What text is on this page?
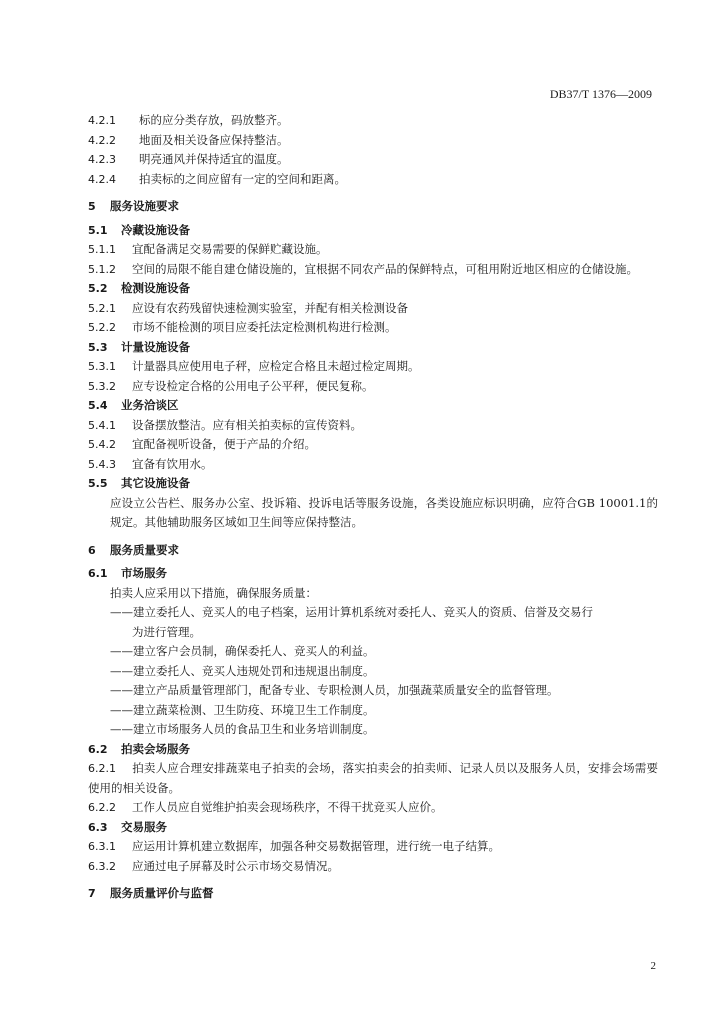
DB37/T 1376—2009

4.2.1 标的应分类存放，码放整齐。

4.2.2 地面及相关设备应保持整洁。

4.2.3 明亮通风并保持适宜的温度。

4.2.4 拍卖标的之间应留有一定的空间和距离。

5 服务设施要求

5.1 冷藏设施设备

5.1.1 宜配备满足交易需要的保鲜贮藏设施。

5.1.2 空间的局限不能自建仓储设施的，宜根据不同农产品的保鲜特点，可租用附近地区相应的仓储设施。

5.2 检测设施设备

5.2.1 应设有农药残留快速检测实验室，并配有相关检测设备

5.2.2 市场不能检测的项目应委托法定检测机构进行检测。

5.3 计量设施设备

5.3.1 计量器具应使用电子秤，应检定合格且未超过检定周期。

5.3.2 应专设检定合格的公用电子公平秤，便民复称。

5.4 业务洽谈区

5.4.1 设备摆放整洁。应有相关拍卖标的宣传资料。

5.4.2 宜配备视听设备，便于产品的介绍。

5.4.3 宜备有饮用水。

5.5 其它设施设备

应设立公告栏、服务办公室、投诉箱、投诉电话等服务设施，各类设施应标识明确，应符合GB 10001.1的规定。其他辅助服务区域如卫生间等应保持整洁。

6 服务质量要求

6.1 市场服务

拍卖人应采用以下措施，确保服务质量：

——建立委托人、竞买人的电子档案，运用计算机系统对委托人、竞买人的资质、信誉及交易行

为进行管理。

——建立客户会员制，确保委托人、竞买人的利益。

——建立委托人、竞买人违规处罚和违规退出制度。

——建立产品质量管理部门，配备专业、专职检测人员，加强蔬菜质量安全的监督管理。

——建立蔬菜检测、卫生防疫、环境卫生工作制度。

——建立市场服务人员的食品卫生和业务培训制度。

6.2 拍卖会场服务

6.2.1 拍卖人应合理安排蔬菜电子拍卖的会场，落实拍卖会的拍卖师、记录人员以及服务人员，安排会场需要使用的相关设备。

6.2.2 工作人员应自觉维护拍卖会现场秩序，不得干扰竞买人应价。

6.3 交易服务

6.3.1 应运用计算机建立数据库，加强各种交易数据管理，进行统一电子结算。

6.3.2 应通过电子屏幕及时公示市场交易情况。

7 服务质量评价与监督

2
